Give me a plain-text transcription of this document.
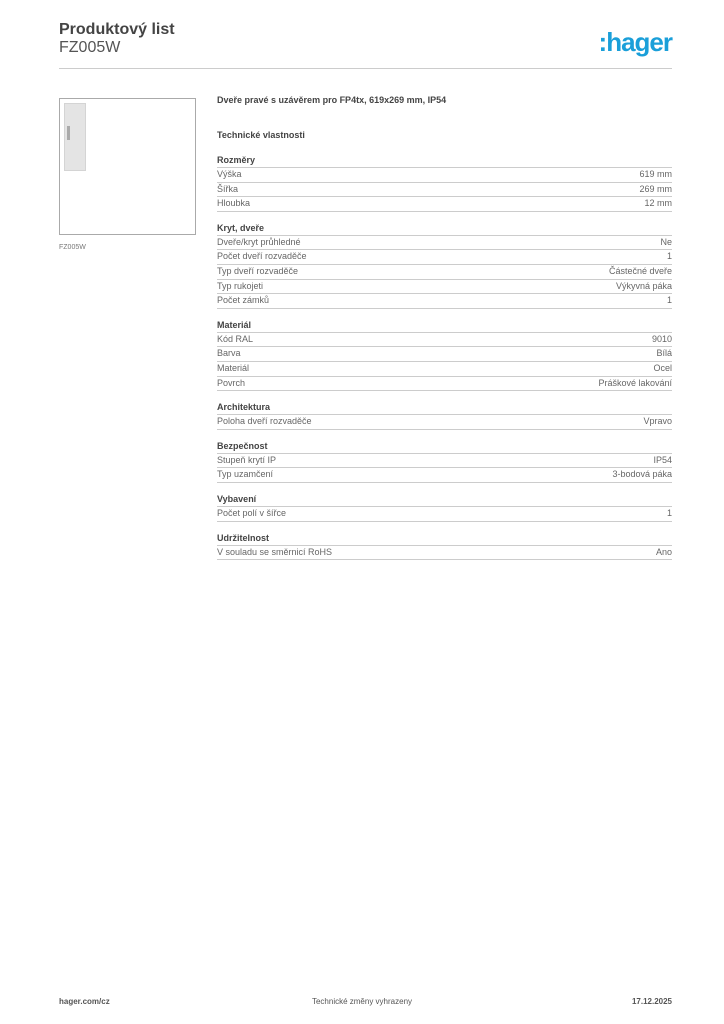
Produktový list
FZ005W	:hager
FZ005W
Dveře pravé s uzávěrem pro FP4tx, 619x269 mm, IP54
Technické vlastnosti
Rozměry
Výška	619 mm
Šířka	269 mm
Hloubka	12 mm
Kryt, dveře
Dveře/kryt průhledné	Ne
Počet dveří rozvaděče	1
Typ dveří rozvaděče	Částečné dveře
Typ rukojeti	Výkyvná páka
Počet zámků	1
Materiál
Kód RAL	9010
Barva	Bílá
Materiál	Ocel
Povrch	Práškové lakování
Architektura
Poloha dveří rozvaděče	Vpravo
Bezpečnost
Stupeň krytí IP	IP54
Typ uzamčení	3-bodová páka
Vybavení
Počet polí v šířce	1
Udržitelnost
V souladu se směrnicí RoHS	Ano
hager.com/cz	Technické změny vyhrazeny	17.12.2025
